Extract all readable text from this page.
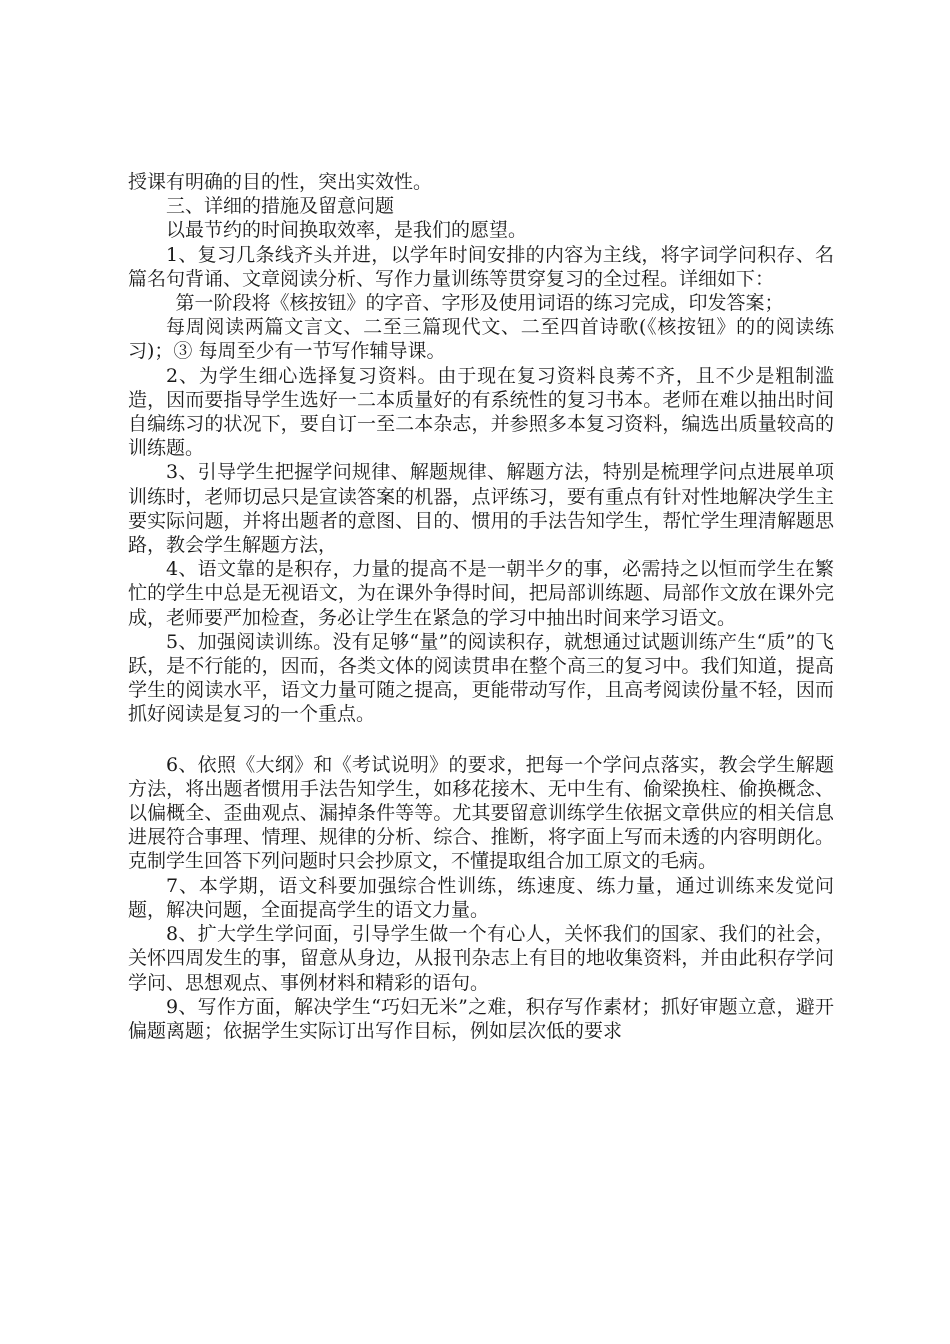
授课有明确的目的性，突出实效性。

三、详细的措施及留意问题

以最节约的时间换取效率，是我们的愿望。

1、复习几条线齐头并进，以学年时间安排的内容为主线，将字词学问积存、名篇名句背诵、文章阅读分析、写作力量训练等贯穿复习的全过程。详细如下：

第一阶段将《核按钮》的字音、字形及使用词语的练习完成，印发答案；

每周阅读两篇文言文、二至三篇现代文、二至四首诗歌(《核按钮》的的阅读练习)；③ 每周至少有一节写作辅导课。

2、为学生细心选择复习资料。由于现在复习资料良莠不齐，且不少是粗制滥造，因而要指导学生选好一二本质量好的有系统性的复习书本。老师在难以抽出时间自编练习的状况下，要自订一至二本杂志，并参照多本复习资料，编选出质量较高的训练题。

3、引导学生把握学问规律、解题规律、解题方法，特别是梳理学问点进展单项训练时，老师切忌只是宣读答案的机器，点评练习，要有重点有针对性地解决学生主要实际问题，并将出题者的意图、目的、惯用的手法告知学生，帮忙学生理清解题思路，教会学生解题方法，

4、语文靠的是积存，力量的提高不是一朝半夕的事，必需持之以恒而学生在繁忙的学生中总是无视语文，为在课外争得时间，把局部训练题、局部作文放在课外完成，老师要严加检查，务必让学生在紧急的学习中抽出时间来学习语文。

5、加强阅读训练。没有足够“量”的阅读积存，就想通过试题训练产生“质”的飞跃，是不行能的，因而，各类文体的阅读贯串在整个高三的复习中。我们知道，提高学生的阅读水平，语文力量可随之提高，更能带动写作，且高考阅读份量不轻，因而抓好阅读是复习的一个重点。

6、依照《大纲》和《考试说明》的要求，把每一个学问点落实，教会学生解题方法，将出题者惯用手法告知学生，如移花接木、无中生有、偷梁换柱、偷换概念、以偏概全、歪曲观点、漏掉条件等等。尤其要留意训练学生依据文章供应的相关信息进展符合事理、情理、规律的分析、综合、推断，将字面上写而未透的内容明朗化。克制学生回答下列问题时只会抄原文，不懂提取组合加工原文的毛病。

7、本学期，语文科要加强综合性训练，练速度、练力量，通过训练来发觉问题，解决问题，全面提高学生的语文力量。

8、扩大学生学问面，引导学生做一个有心人，关怀我们的国家、我们的社会，关怀四周发生的事，留意从身边，从报刊杂志上有目的地收集资料，并由此积存学问学问、思想观点、事例材料和精彩的语句。

9、写作方面，解决学生“巧妇无米”之难，积存写作素材；抓好审题立意，避开偏题离题；依据学生实际订出写作目标，例如层次低的要求
